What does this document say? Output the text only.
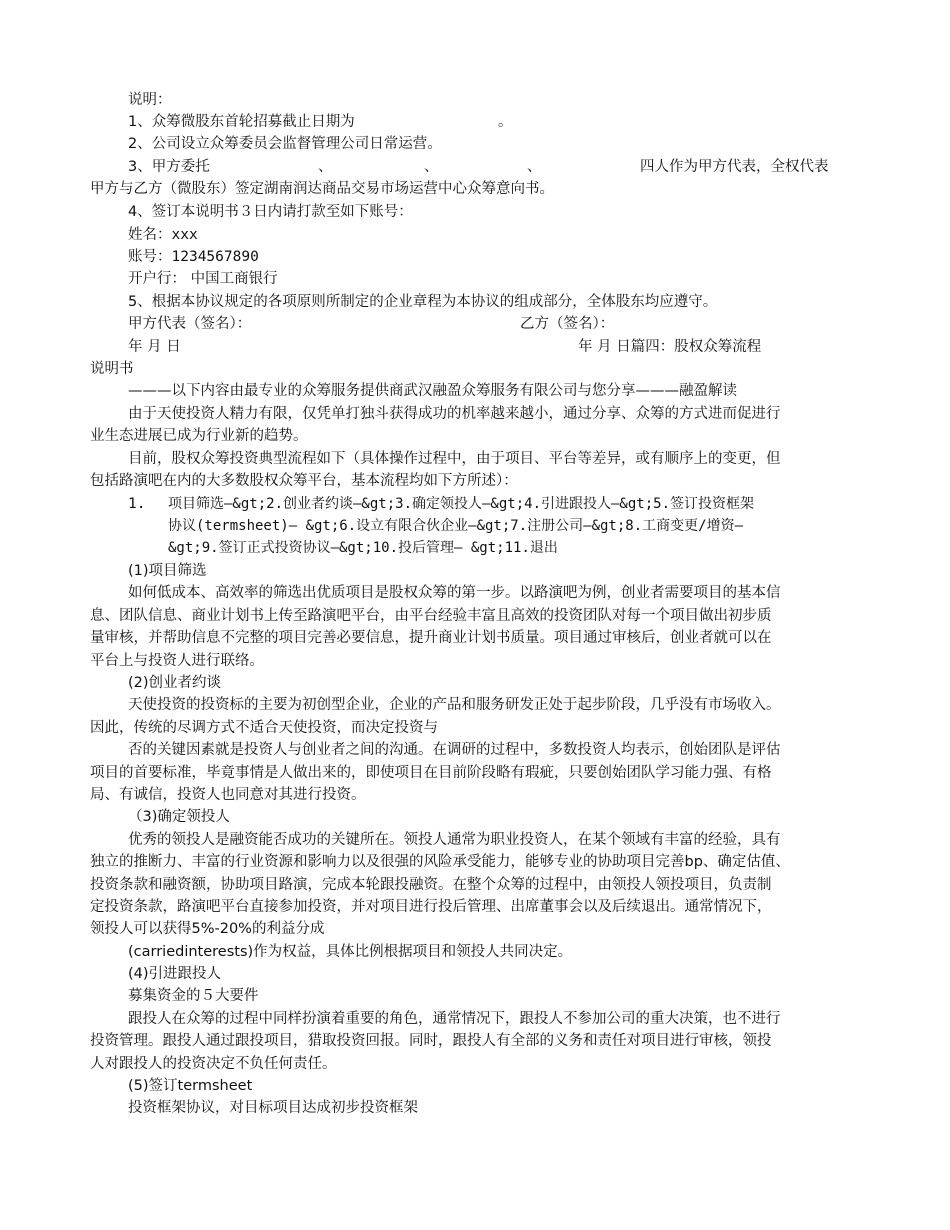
说明：
1、众筹微股东首轮招募截止日期为	。
2、公司设立众筹委员会监督管理公司日常运营。
3、甲方委托	、	、	、	四人作为甲方代表，全权代表
甲方与乙方（微股东）签定湖南润达商品交易市场运营中心众筹意向书。
4、签订本说明书３日内请打款至如下账号：
姓名：xxx
账号：1234567890
开户行： 中国工商银行
5、根据本协议规定的各项原则所制定的企业章程为本协议的组成部分，全体股东均应遵守。
甲方代表（签名）：	乙方（签名）：
年 月 日	年 月 日篇四：股权众筹流程
说明书
———以下内容由最专业的众筹服务提供商武汉融盈众筹服务有限公司与您分享———融盈解读
由于天使投资人精力有限，仅凭单打独斗获得成功的机率越来越小，通过分享、众筹的方式进而促进行
业生态进展已成为行业新的趋势。
目前，股权众筹投资典型流程如下（具体操作过程中，由于项目、平台等差异，或有顺序上的变更，但
包括路演吧在内的大多数股权众筹平台，基本流程均如下方所述）：
1. 项目筛选—&gt;2.创业者约谈—&gt;3.确定领投人—&gt;4.引进跟投人—&gt;5.签订投资框架
协议(termsheet)— &gt;6.设立有限合伙企业—&gt;7.注册公司—&gt;8.工商变更/增资—
&gt;9.签订正式投资协议—&gt;10.投后管理— &gt;11.退出
(1)项目筛选
如何低成本、高效率的筛选出优质项目是股权众筹的第一步。以路演吧为例，创业者需要项目的基本信
息、团队信息、商业计划书上传至路演吧平台，由平台经验丰富且高效的投资团队对每一个项目做出初步质
量审核，并帮助信息不完整的项目完善必要信息，提升商业计划书质量。项目通过审核后，创业者就可以在
平台上与投资人进行联络。
(2)创业者约谈
天使投资的投资标的主要为初创型企业，企业的产品和服务研发正处于起步阶段，几乎没有市场收入。
因此，传统的尽调方式不适合天使投资，而决定投资与
否的关键因素就是投资人与创业者之间的沟通。在调研的过程中，多数投资人均表示，创始团队是评估
项目的首要标准，毕竟事情是人做出来的，即使项目在目前阶段略有瑕疵，只要创始团队学习能力强、有格
局、有诚信，投资人也同意对其进行投资。
（3)确定领投人
优秀的领投人是融资能否成功的关键所在。领投人通常为职业投资人，在某个领域有丰富的经验，具有
独立的推断力、丰富的行业资源和影响力以及很强的风险承受能力，能够专业的协助项目完善bp、确定估值、
投资条款和融资额，协助项目路演，完成本轮跟投融资。在整个众筹的过程中，由领投人领投项目，负责制
定投资条款，路演吧平台直接参加投资，并对项目进行投后管理、出席董事会以及后续退出。通常情况下，
领投人可以获得5%-20%的利益分成
(carriedinterests)作为权益，具体比例根据项目和领投人共同决定。
(4)引进跟投人
募集资金的５大要件
跟投人在众筹的过程中同样扮演着重要的角色，通常情况下，跟投人不参加公司的重大决策，也不进行
投资管理。跟投人通过跟投项目，猎取投资回报。同时，跟投人有全部的义务和责任对项目进行审核，领投
人对跟投人的投资决定不负任何责任。
(5)签订termsheet
投资框架协议，对目标项目达成初步投资框架
